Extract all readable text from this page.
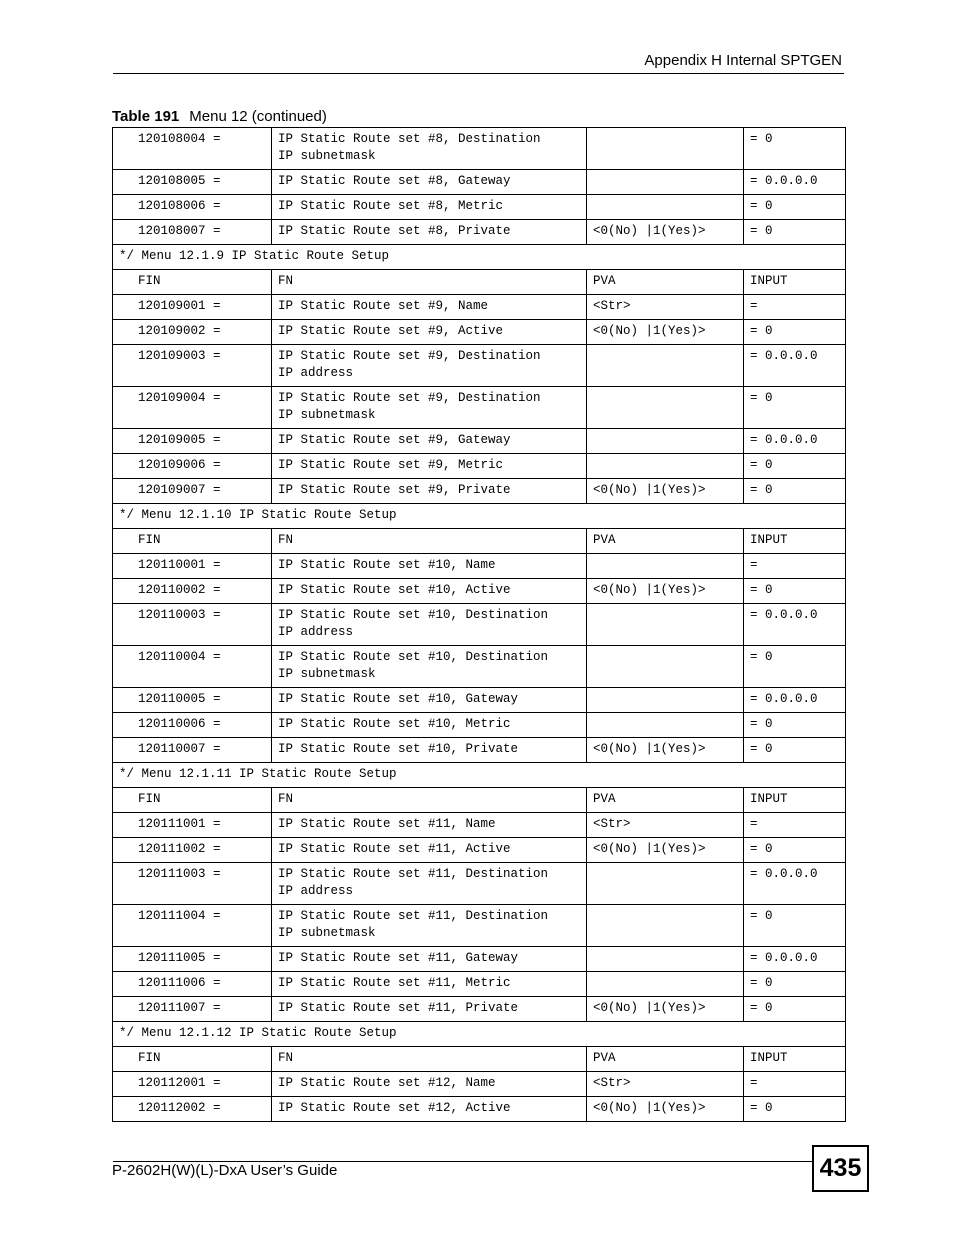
Appendix H Internal SPTGEN
Table 191 Menu 12 (continued)
120108004 =	IP Static Route set #8, Destination
IP subnetmask		= 0
120108005 =	IP Static Route set #8, Gateway		= 0.0.0.0
120108006 =	IP Static Route set #8, Metric		= 0
120108007 =	IP Static Route set #8, Private	<0(No) |1(Yes)>	= 0
*/ Menu 12.1.9 IP Static Route Setup			
FIN	FN	PVA	INPUT
120109001 =	IP Static Route set #9, Name	<Str>	=
120109002 =	IP Static Route set #9, Active	<0(No) |1(Yes)>	= 0
120109003 =	IP Static Route set #9, Destination
IP address		= 0.0.0.0
120109004 =	IP Static Route set #9, Destination
IP subnetmask		= 0
120109005 =	IP Static Route set #9, Gateway		= 0.0.0.0
120109006 =	IP Static Route set #9, Metric		= 0
120109007 =	IP Static Route set #9, Private	<0(No) |1(Yes)>	= 0
*/ Menu 12.1.10 IP Static Route Setup			
FIN	FN	PVA	INPUT
120110001 =	IP Static Route set #10, Name		=
120110002 =	IP Static Route set #10, Active	<0(No) |1(Yes)>	= 0
120110003 =	IP Static Route set #10, Destination
IP address		= 0.0.0.0
120110004 =	IP Static Route set #10, Destination
IP subnetmask		= 0
120110005 =	IP Static Route set #10, Gateway		= 0.0.0.0
120110006 =	IP Static Route set #10, Metric		= 0
120110007 =	IP Static Route set #10, Private	<0(No) |1(Yes)>	= 0
*/ Menu 12.1.11 IP Static Route Setup			
FIN	FN	PVA	INPUT
120111001 =	IP Static Route set #11, Name	<Str>	=
120111002 =	IP Static Route set #11, Active	<0(No) |1(Yes)>	= 0
120111003 =	IP Static Route set #11, Destination
IP address		= 0.0.0.0
120111004 =	IP Static Route set #11, Destination
IP subnetmask		= 0
120111005 =	IP Static Route set #11, Gateway		= 0.0.0.0
120111006 =	IP Static Route set #11, Metric		= 0
120111007 =	IP Static Route set #11, Private	<0(No) |1(Yes)>	= 0
*/ Menu 12.1.12 IP Static Route Setup			
FIN	FN	PVA	INPUT
120112001 =	IP Static Route set #12, Name	<Str>	=
120112002 =	IP Static Route set #12, Active	<0(No) |1(Yes)>	= 0
P-2602H(W)(L)-DxA User’s Guide	435
